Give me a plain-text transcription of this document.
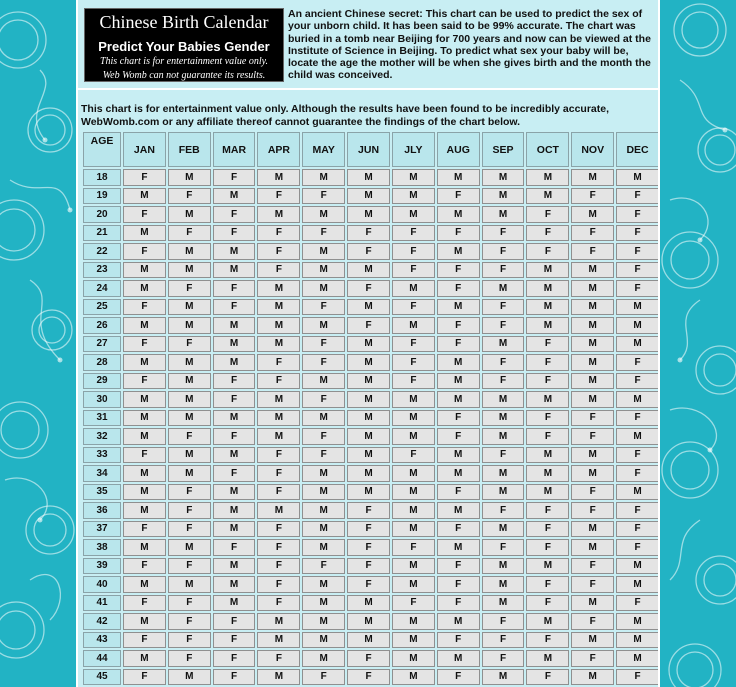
Chinese Birth Calendar
Predict Your Babies Gender
This chart is for entertainment value only.
Web Womb can not guarantee its results.
An ancient Chinese secret: This chart can be used to predict the sex of your unborn child. It has been said to be 99% accurate. The chart was buried in a tomb near Beijing for 700 years and now can be viewed at the Institute of Science in Beijing. To predict what sex your baby will be, locate the age the mother will be when she gives birth and the month the child was conceived.
This chart is for entertainment value only. Although the results have been found to be incredibly accurate, WebWomb.com or any affiliate thereof cannot guarantee the findings of the chart below.
AGE	JAN	FEB	MAR	APR	MAY	JUN	JLY	AUG	SEP	OCT	NOV	DEC
18	F	M	F	M	M	M	M	M	M	M	M	M
19	M	F	M	F	F	M	M	F	M	M	F	F
20	F	M	F	M	M	M	M	M	M	F	M	F
21	M	F	F	F	F	F	F	F	F	F	F	F
22	F	M	M	F	M	F	F	M	F	F	F	F
23	M	M	M	F	M	M	F	F	F	M	M	F
24	M	F	F	M	M	F	M	F	M	M	M	F
25	F	M	F	M	F	M	F	M	F	M	M	M
26	M	M	M	M	M	F	M	F	F	M	M	M
27	F	F	M	M	F	M	F	F	M	F	M	M
28	M	M	M	F	F	M	F	M	F	F	M	F
29	F	M	F	F	M	M	F	M	F	F	M	F
30	M	M	F	M	F	M	M	M	M	M	M	M
31	M	M	M	M	M	M	M	F	M	F	F	F
32	M	F	F	M	F	M	M	F	M	F	F	M
33	F	M	M	F	F	M	F	M	F	M	M	F
34	M	M	F	F	M	M	M	M	M	M	M	F
35	M	F	M	F	M	M	M	F	M	M	F	M
36	M	F	M	M	M	F	M	M	F	F	F	F
37	F	F	M	F	M	F	M	F	M	F	M	F
38	M	M	F	F	M	F	F	M	F	F	M	F
39	F	F	M	F	F	F	M	F	M	M	F	M
40	M	M	M	F	M	F	M	F	M	F	F	M
41	F	F	M	F	M	M	F	F	M	F	M	F
42	M	F	F	M	M	M	M	M	F	M	F	M
43	F	F	F	M	M	M	M	F	F	F	M	M
44	M	F	F	F	M	F	M	M	F	M	F	M
45	F	M	F	M	F	F	M	F	M	F	M	F
